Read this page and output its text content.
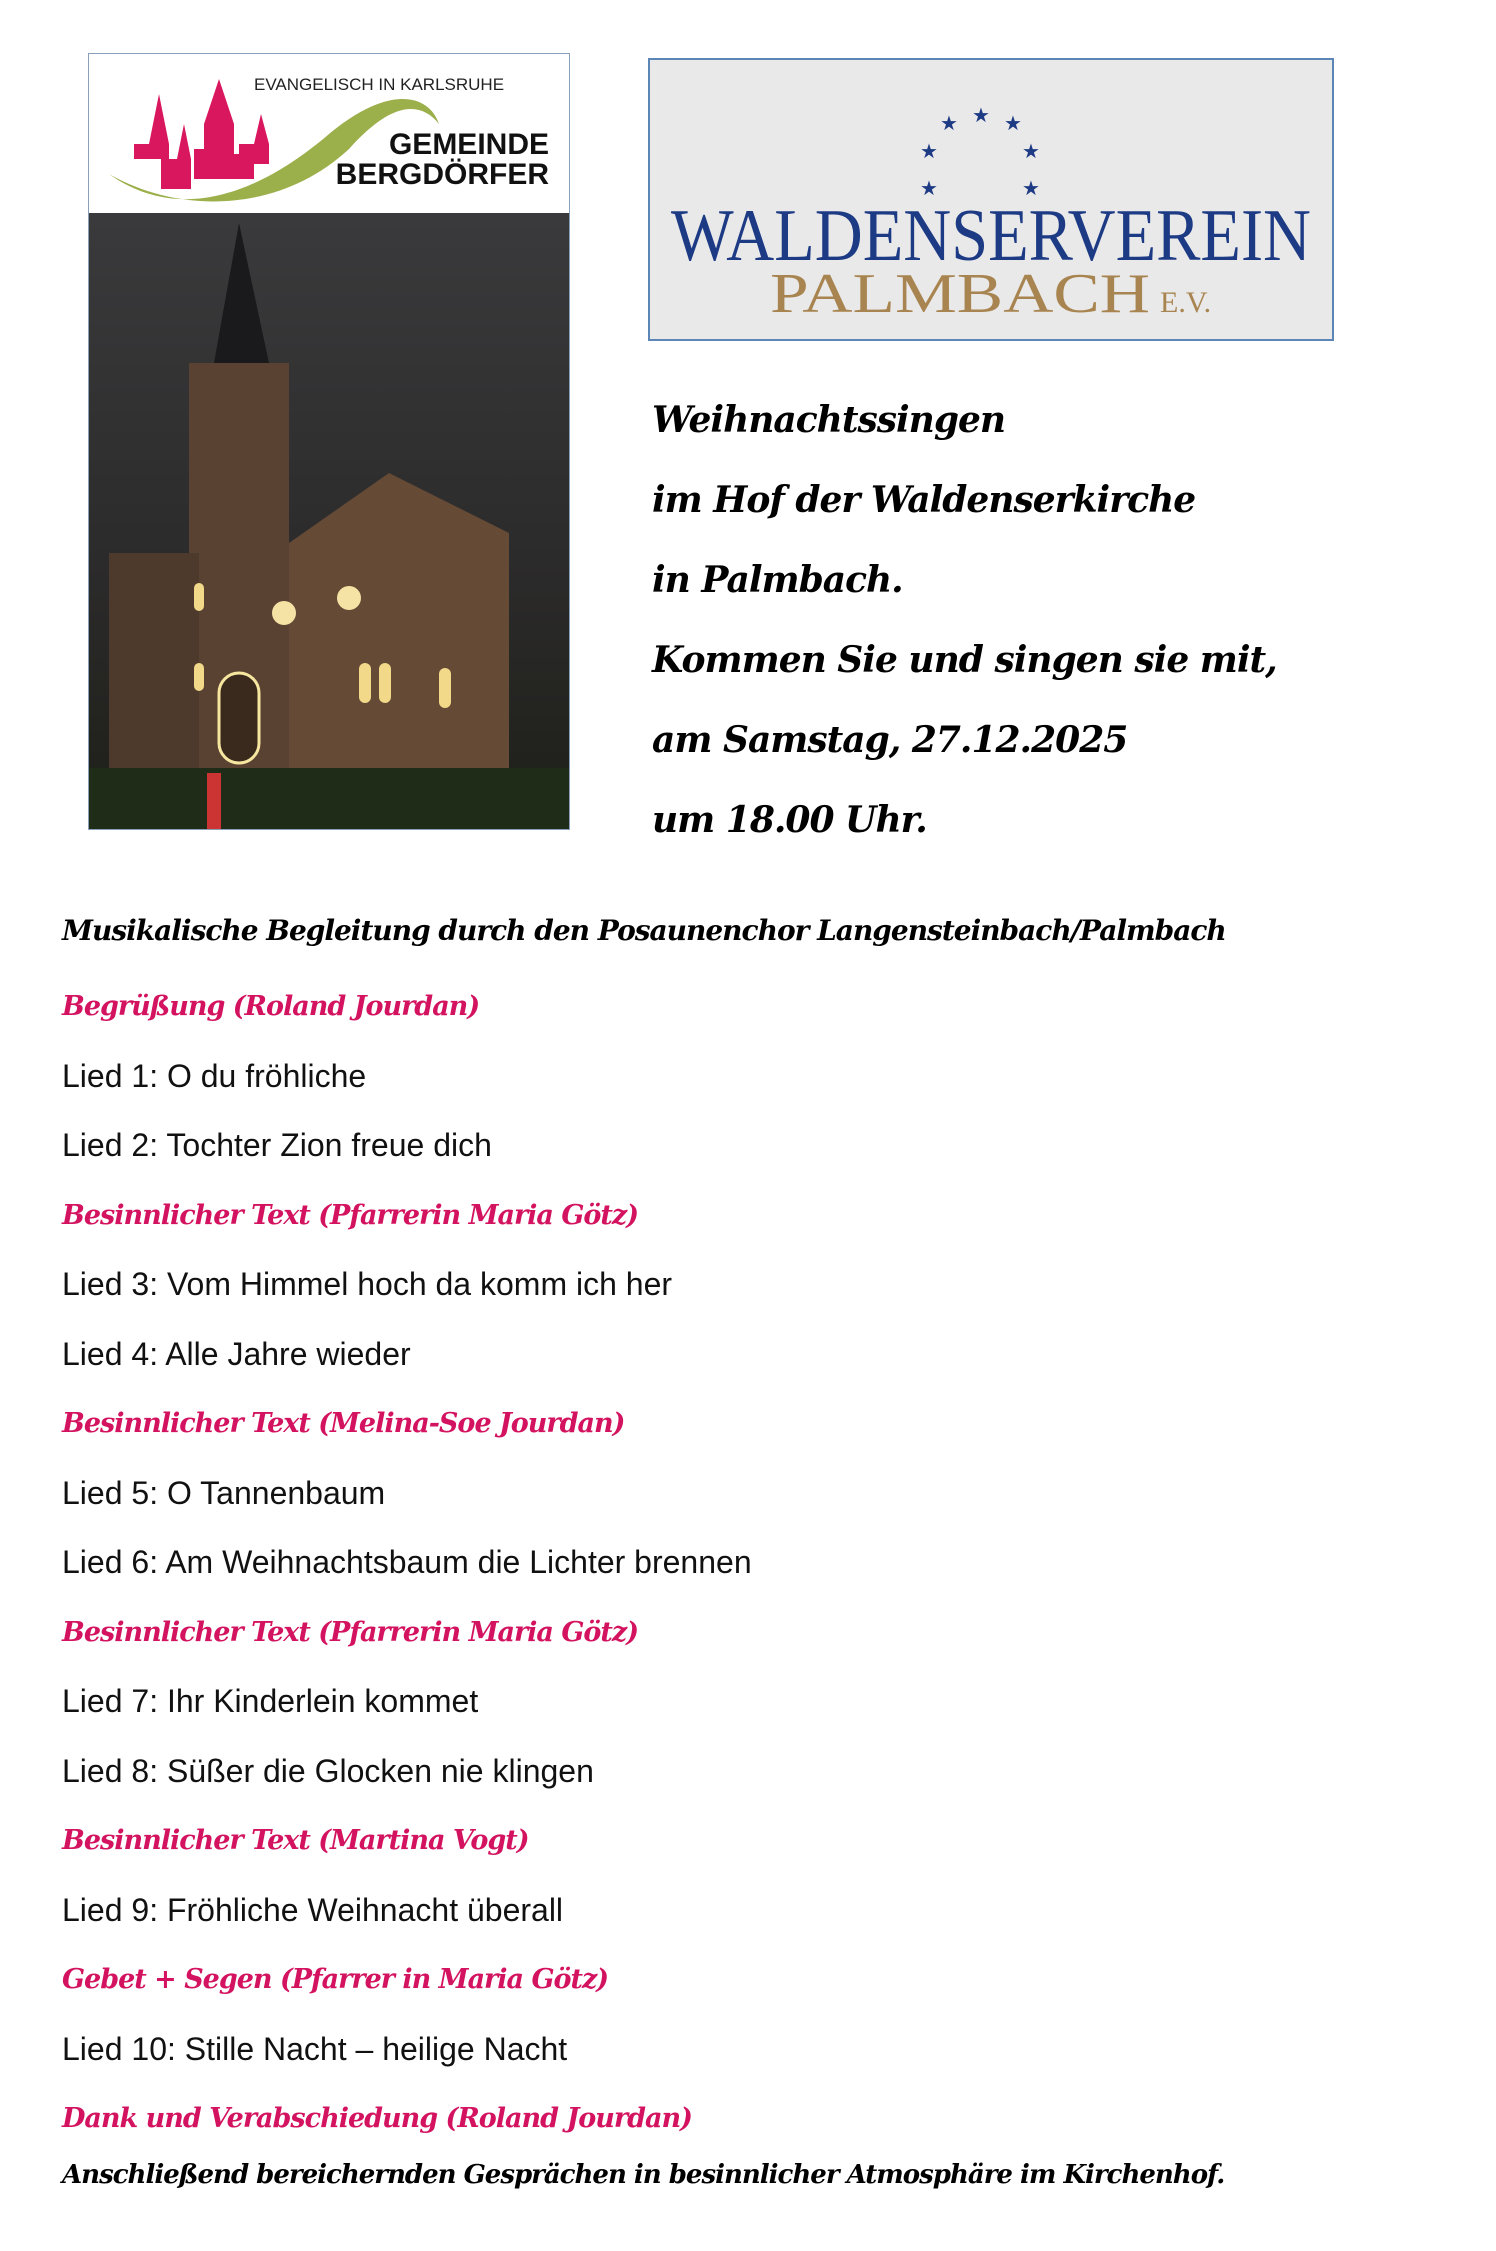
EVANGELISCH IN KARLSRUHE
GEMEINDE
BERGDÖRFER
★ ★ ★
★	★
★	★
WALDENSERVEREIN
PALMBACH E.V.
Weihnachtssingen
im Hof der Waldenserkirche
in Palmbach.
Kommen Sie und singen sie mit,
am Samstag, 27.12.2025
um 18.00 Uhr.
Musikalische Begleitung durch den Posaunenchor Langensteinbach/Palmbach
Begrüßung (Roland Jourdan)
Lied 1: O du fröhliche
Lied 2: Tochter Zion freue dich
Besinnlicher Text (Pfarrerin Maria Götz)
Lied 3: Vom Himmel hoch da komm ich her
Lied 4: Alle Jahre wieder
Besinnlicher Text (Melina-Soe Jourdan)
Lied 5: O Tannenbaum
Lied 6: Am Weihnachtsbaum die Lichter brennen
Besinnlicher Text (Pfarrerin Maria Götz)
Lied 7: Ihr Kinderlein kommet
Lied 8: Süßer die Glocken nie klingen
Besinnlicher Text (Martina Vogt)
Lied 9: Fröhliche Weihnacht überall
Gebet + Segen (Pfarrer in Maria Götz)
Lied 10: Stille Nacht – heilige Nacht
Dank und Verabschiedung (Roland Jourdan)
Anschließend bereichernden Gesprächen in besinnlicher Atmosphäre im Kirchenhof.
